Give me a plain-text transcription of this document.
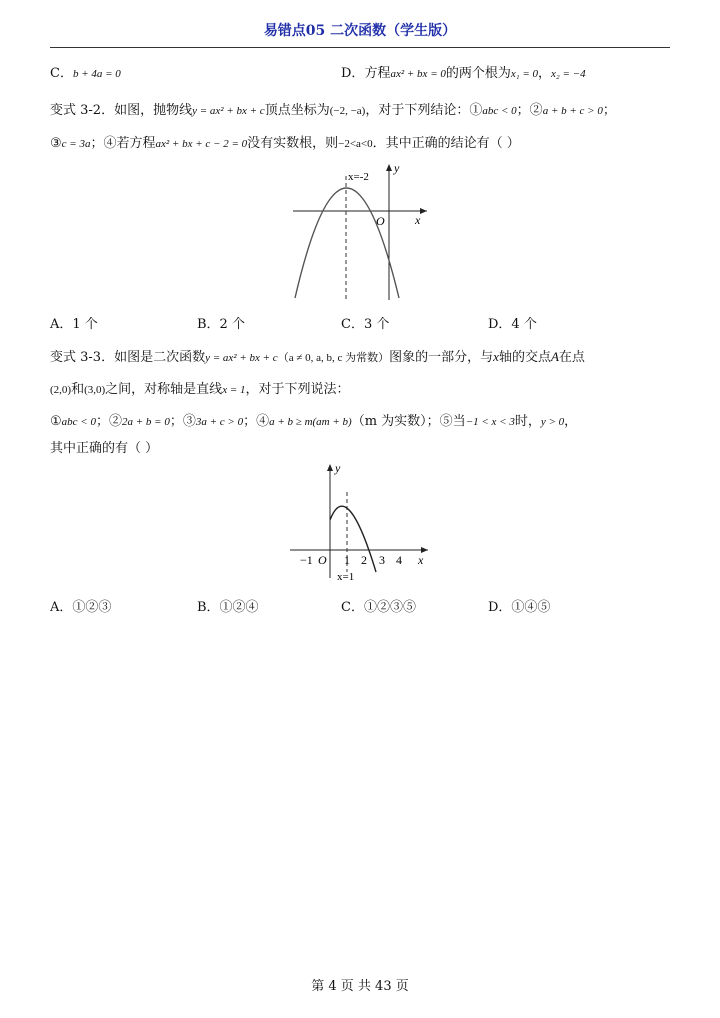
易错点05 二次函数（学生版）
C．b + 4a = 0	D．方程ax² + bx = 0的两个根为x₁ = 0，x₂ = −4
变式 3-2．如图，抛物线y = ax² + bx + c顶点坐标为(−2, −a)，对于下列结论：①abc < 0；②a + b + c > 0；
③c = 3a；④若方程ax² + bx + c − 2 = 0没有实数根，则−2<a<0．其中正确的结论有（ ）
x=-2
y
x
O
A．1 个	B．2 个	C．3 个	D．4 个
变式 3-3．如图是二次函数y = ax² + bx + c（a ≠ 0, a, b, c 为常数）图象的一部分，与x轴的交点A在点
(2,0)和(3,0)之间，对称轴是直线x = 1，对于下列说法：
①abc < 0；②2a + b = 0；③3a + c > 0；④a + b ≥ m(am + b)（m 为实数）；⑤当−1 < x < 3时，y > 0，
其中正确的有（ ）
y
x
O
−1	1 2 3 4
x=1
A．①②③	B．①②④	C．①②③⑤	D．①④⑤
第 4 页 共 43 页
